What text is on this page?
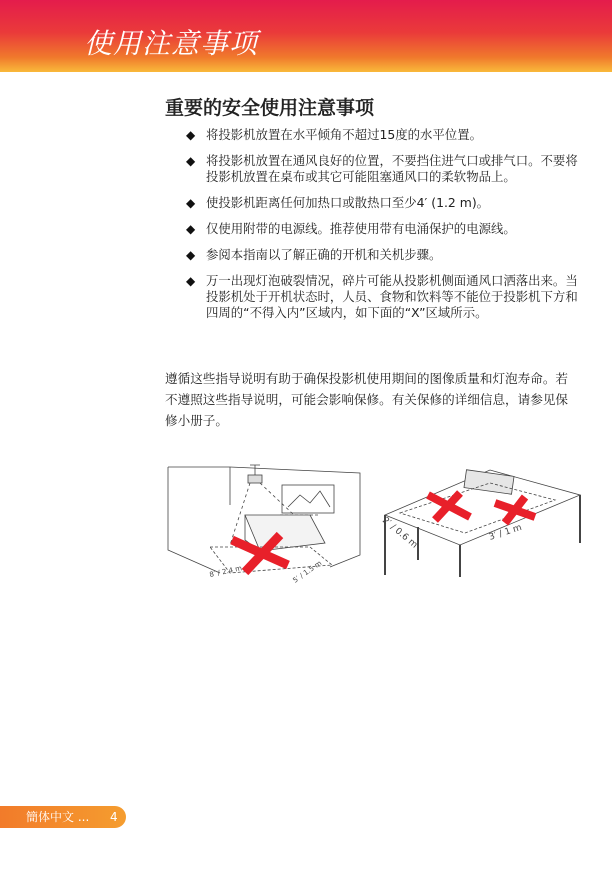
使用注意事项
重要的安全使用注意事项
◆ 将投影机放置在水平倾角不超过15度的水平位置。
◆ 将投影机放置在通风良好的位置，不要挡住进气口或排气口。不要将投影机放置在桌布或其它可能阻塞通风口的柔软物品上。
◆ 使投影机距离任何加热口或散热口至少4′ (1.2 m)。
◆ 仅使用附带的电源线。推荐使用带有电涌保护的电源线。
◆ 参阅本指南以了解正确的开机和关机步骤。
◆ 万一出现灯泡破裂情况，碎片可能从投影机侧面通风口洒落出来。当投影机处于开机状态时，人员、食物和饮料等不能位于投影机下方和四周的“不得入内”区域内，如下面的“X”区域所示。
遵循这些指导说明有助于确保投影机使用期间的图像质量和灯泡寿命。若不遵照这些指导说明，可能会影响保修。有关保修的详细信息，请参见保修小册子。
8′ / 2.4 m	5′ / 1.5 m
2′ / 0.6 m	3′ / 1 m
簡体中文 ... 4
